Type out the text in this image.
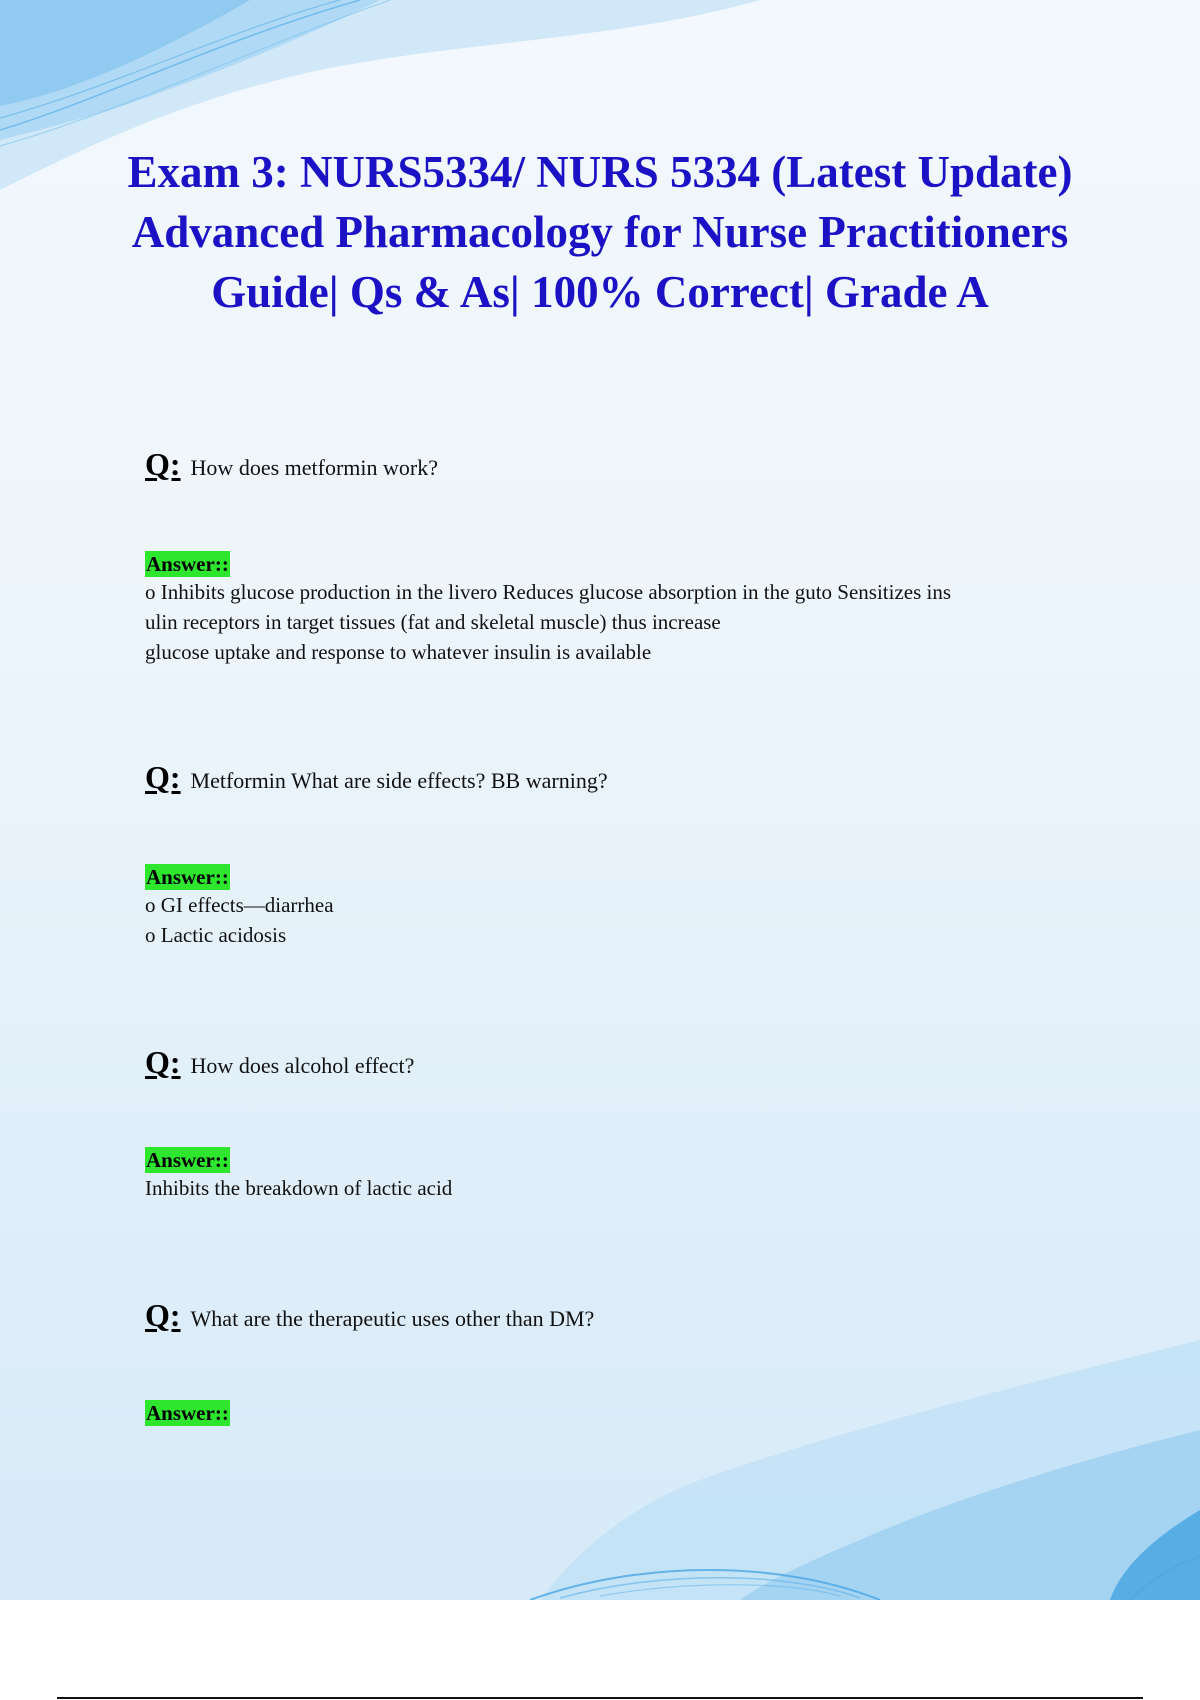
Exam 3: NURS5334/ NURS 5334 (Latest Update) Advanced Pharmacology for Nurse Practitioners Guide| Qs & As| 100% Correct| Grade A
Q: How does metformin work?
Answer::
o Inhibits glucose production in the livero Reduces glucose absorption in the guto Sensitizes ins
ulin receptors in target tissues (fat and skeletal muscle) thus increase
glucose uptake and response to whatever insulin is available
Q: Metformin What are side effects? BB warning?
Answer::
o GI effects—diarrhea
o Lactic acidosis
Q: How does alcohol effect?
Answer::
Inhibits the breakdown of lactic acid
Q: What are the therapeutic uses other than DM?
Answer::
